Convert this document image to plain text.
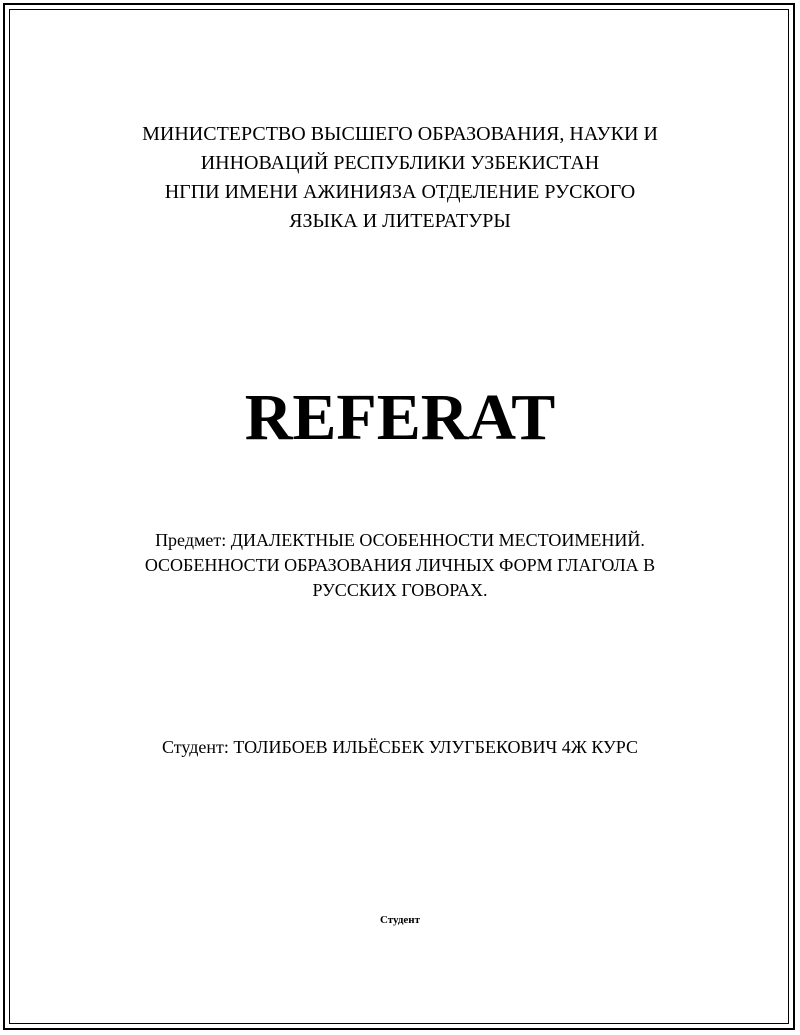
МИНИСТЕРСТВО ВЫСШЕГО ОБРАЗОВАНИЯ, НАУКИ И
ИННОВАЦИЙ РЕСПУБЛИКИ УЗБЕКИСТАН
НГПИ ИМЕНИ АЖИНИЯЗА ОТДЕЛЕНИЕ РУСКОГО
ЯЗЫКА И ЛИТЕРАТУРЫ
REFERAT
Предмет: ДИАЛЕКТНЫЕ ОСОБЕННОСТИ МЕСТОИМЕНИЙ.
ОСОБЕННОСТИ ОБРАЗОВАНИЯ ЛИЧНЫХ ФОРМ ГЛАГОЛА В
РУССКИХ ГОВОРАХ.
Студент: ТОЛИБОЕВ ИЛЬЁСБЕК УЛУГБЕКОВИЧ 4Ж КУРС
Студент
